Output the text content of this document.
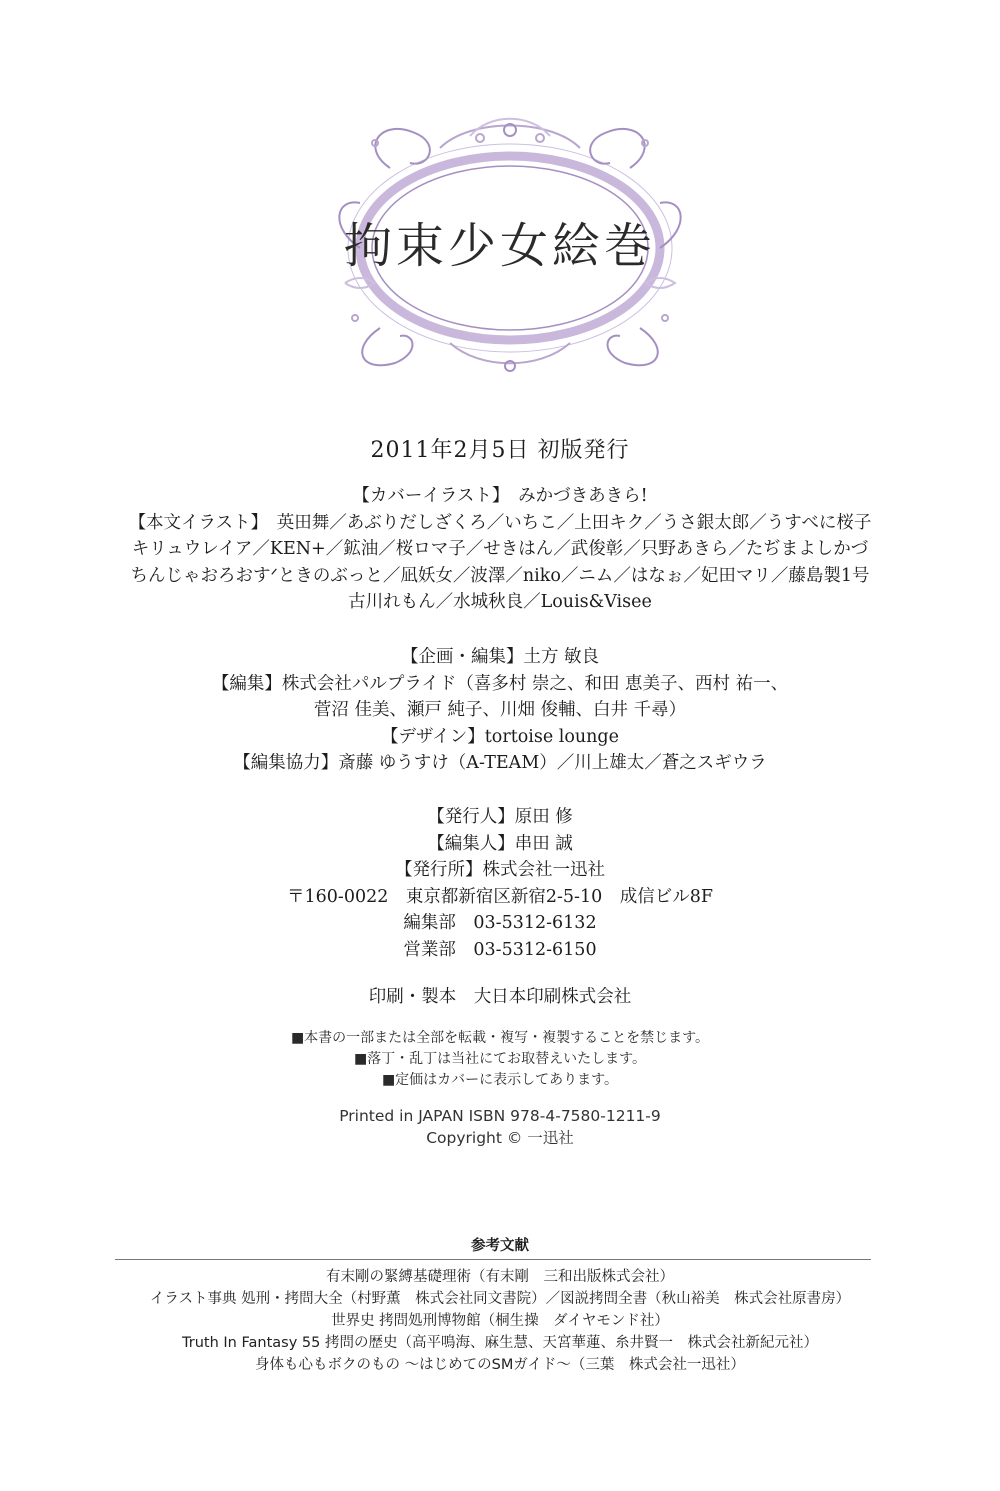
拘束少女絵巻
2011年2月5日 初版発行
【カバーイラスト】　みかづきあきら!
【本文イラスト】　英田舞／あぶりだしざくろ／いちこ／上田キク／うさ銀太郎／うすべに桜子
キリュウレイア／KEN+／鉱油／桜ロマ子／せきはん／武俊彰／只野あきら／たぢまよしかづ
ちんじゃおろおすᐟときのぶっと／凪妖女／波澤／niko／ニム／はなぉ／妃田マリ／藤島製1号
古川れもん／水城秋良／Louis&Visee
【企画・編集】土方 敏良
【編集】株式会社パルプライド（喜多村 崇之、和田 恵美子、西村 祐一、
菅沼 佳美、瀬戸 純子、川畑 俊輔、白井 千尋）
【デザイン】tortoise lounge
【編集協力】斎藤 ゆうすけ（A-TEAM）／川上雄太／蒼之スギウラ
【発行人】原田 修
【編集人】串田 誠
【発行所】株式会社一迅社
〒160-0022　東京都新宿区新宿2-5-10　成信ビル8F
編集部　03-5312-6132
営業部　03-5312-6150
印刷・製本　大日本印刷株式会社
■本書の一部または全部を転載・複写・複製することを禁じます。
■落丁・乱丁は当社にてお取替えいたします。
■定価はカバーに表示してあります。
Printed in JAPAN ISBN 978-4-7580-1211-9
Copyright © 一迅社
参考文献
有末剛の緊縛基礎理術（有末剛　三和出版株式会社）
イラスト事典 処刑・拷問大全（村野薫　株式会社同文書院）／図説拷問全書（秋山裕美　株式会社原書房）
世界史 拷問処刑博物館（桐生操　ダイヤモンド社）
Truth In Fantasy 55 拷問の歴史（高平鳴海、麻生慧、天宮華蓮、糸井賢一　株式会社新紀元社）
身体も心もボクのもの ～はじめてのSMガイド～（三葉　株式会社一迅社）
